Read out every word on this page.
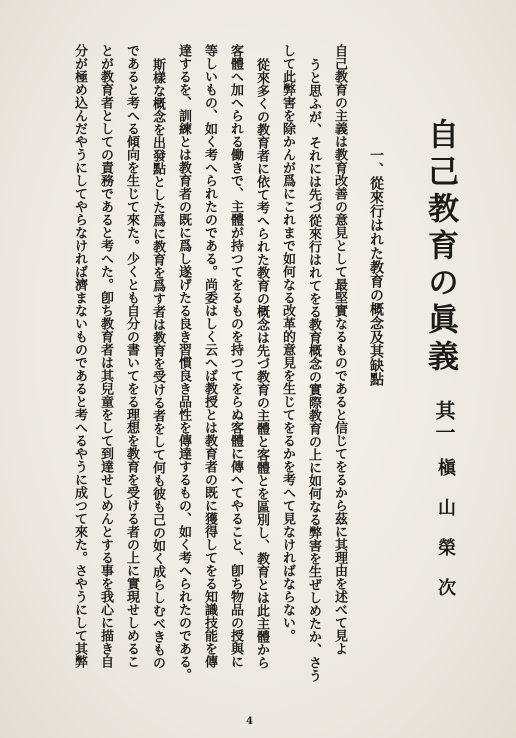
自己教育の眞義
其一
槇山榮次
一、從來行はれた教育の概念及其缺點
自己教育の主義は教育改善の意見として最堅實なるものであると信じてをるから茲に其理由を述べて見よ
うと思ふが、それには先づ從來行はれてをる教育概念の實際教育の上に如何なる弊害を生ぜしめたか、さう
して此弊害を除かんが爲にこれまで如何なる改革的意見を生じてをるかを考へて見なければならない。
從來多くの教育者に依て考へられた教育の概念は先づ教育の主體と客體とを區別し、教育とは此主體から
客體へ加へられる働きで、主體が持つてをるものを持つてをらぬ客體に傳へてやること、卽ち物品の授與に
等しいもの、如く考へられたのである。尚委はしく云へば教授とは教育者の既に獲得してをる知識技能を傳
達するを、訓練とは教育者の既に爲し遂げたる良き習慣良き品性を傳達するもの、如く考へられたのである。
斯樣な概念を出發點とした爲に教育を爲す者は教育を受ける者をして何も彼も己の如く成らしむべきもの
であると考へる傾向を生じて來た。少くとも自分の書いてをる理想を教育を受ける者の上に實現せしめるこ
とが教育者としての責務であると考へた。卽ち教育者は其兒童をして到達せしめんとする事を我心に描き自
分が極め込んだやうにしてやらなければ濟まないものであると考へるやうに成つて來た。さやうにして其弊
4
